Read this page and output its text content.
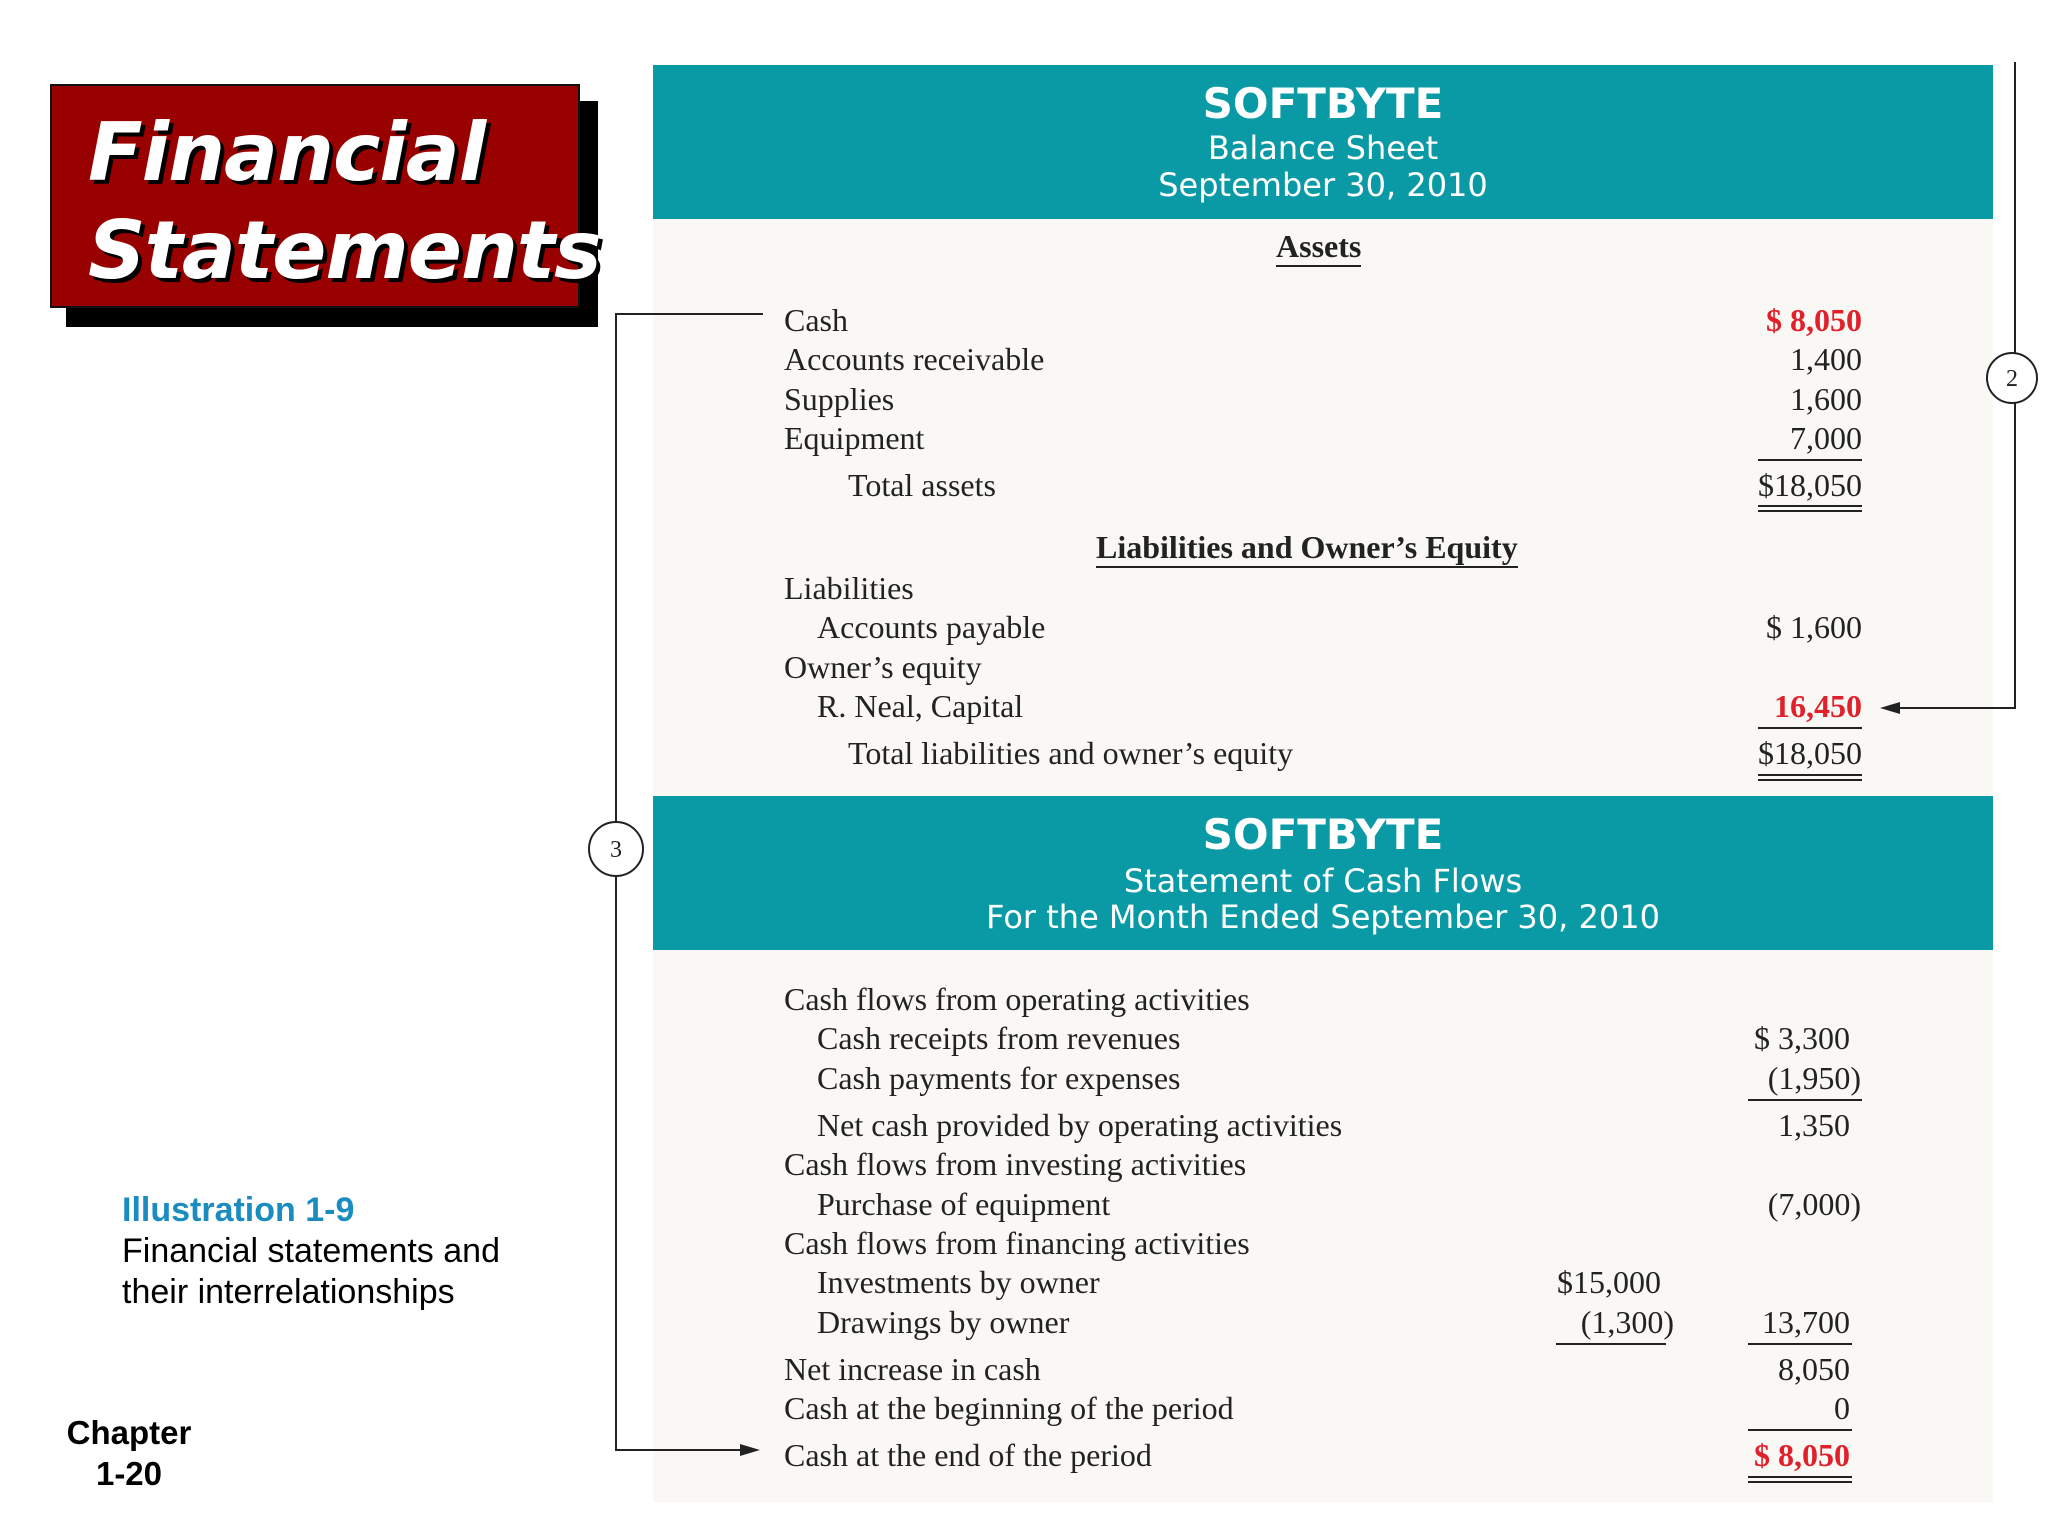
Financial
Statements
Illustration 1-9
Financial statements and
their interrelationships
Chapter
1-20
SOFTBYTE
Balance Sheet
September 30, 2010
Assets
Cash	$ 8,050
Accounts receivable	1,400
Supplies	1,600
Equipment	7,000
Total assets	$18,050
Liabilities and Owner’s Equity
Liabilities
Accounts payable	$ 1,600
Owner’s equity
R. Neal, Capital	16,450
Total liabilities and owner’s equity	$18,050
SOFTBYTE
Statement of Cash Flows
For the Month Ended September 30, 2010
Cash flows from operating activities
Cash receipts from revenues	$ 3,300
Cash payments for expenses	(1,950)
Net cash provided by operating activities	1,350
Cash flows from investing activities
Purchase of equipment	(7,000)
Cash flows from financing activities
Investments by owner	$15,000
Drawings by owner	(1,300)	13,700
Net increase in cash	8,050
Cash at the beginning of the period	0
Cash at the end of the period	$ 8,050
2
3
